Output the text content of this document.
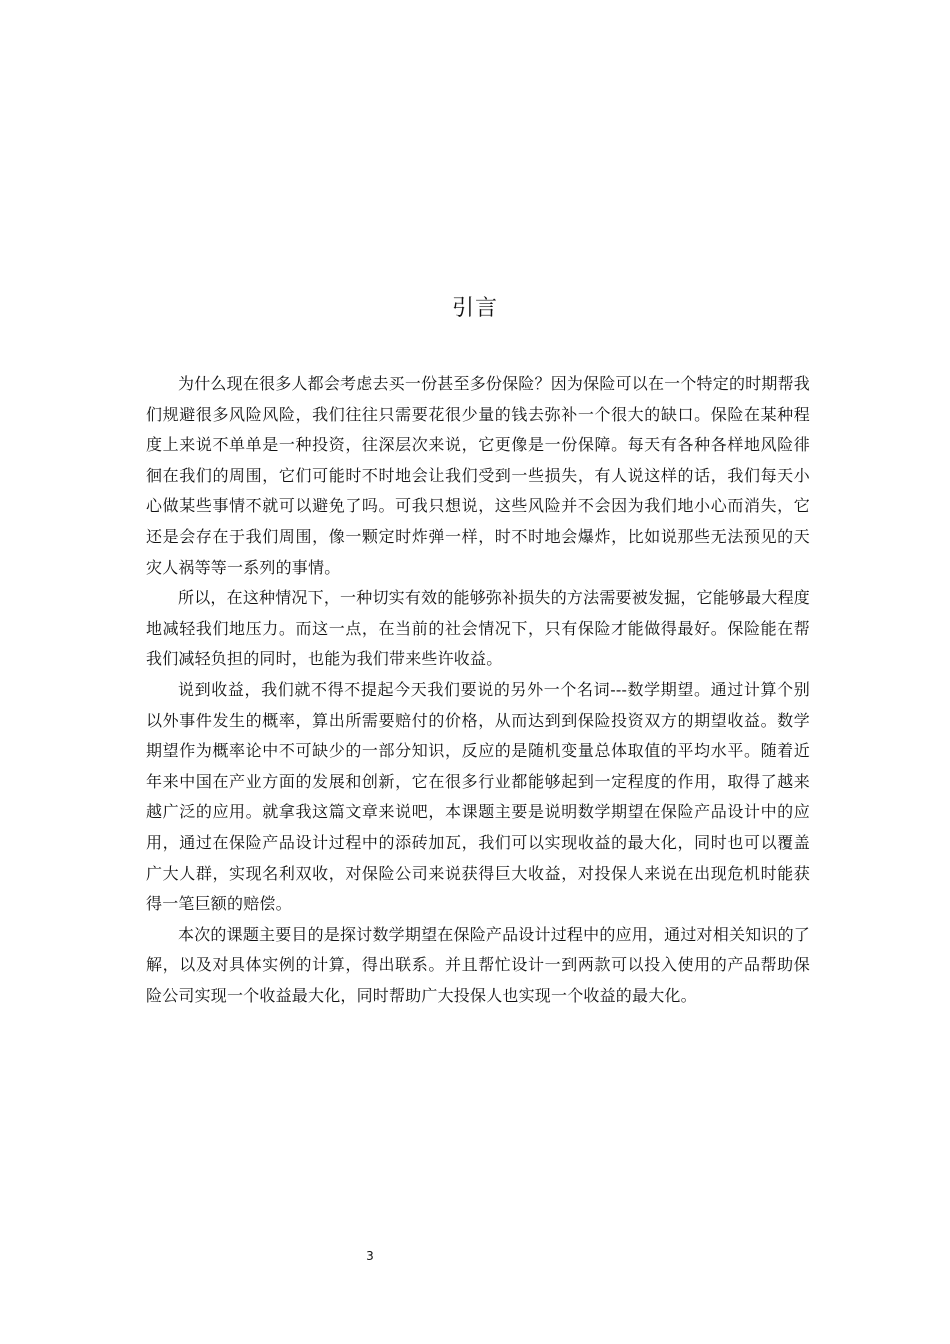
引言

为什么现在很多人都会考虑去买一份甚至多份保险？因为保险可以在一个特定的时期帮我们规避很多风险风险，我们往往只需要花很少量的钱去弥补一个很大的缺口。保险在某种程度上来说不单单是一种投资，往深层次来说，它更像是一份保障。每天有各种各样地风险徘徊在我们的周围，它们可能时不时地会让我们受到一些损失，有人说这样的话，我们每天小心做某些事情不就可以避免了吗。可我只想说，这些风险并不会因为我们地小心而消失，它还是会存在于我们周围，像一颗定时炸弹一样，时不时地会爆炸，比如说那些无法预见的天灾人祸等等一系列的事情。

所以，在这种情况下，一种切实有效的能够弥补损失的方法需要被发掘，它能够最大程度地减轻我们地压力。而这一点，在当前的社会情况下，只有保险才能做得最好。保险能在帮我们减轻负担的同时，也能为我们带来些许收益。

说到收益，我们就不得不提起今天我们要说的另外一个名词---数学期望。通过计算个别以外事件发生的概率，算出所需要赔付的价格，从而达到到保险投资双方的期望收益。数学期望作为概率论中不可缺少的一部分知识，反应的是随机变量总体取值的平均水平。随着近年来中国在产业方面的发展和创新，它在很多行业都能够起到一定程度的作用，取得了越来越广泛的应用。就拿我这篇文章来说吧，本课题主要是说明数学期望在保险产品设计中的应用，通过在保险产品设计过程中的添砖加瓦，我们可以实现收益的最大化，同时也可以覆盖广大人群，实现名利双收，对保险公司来说获得巨大收益，对投保人来说在出现危机时能获得一笔巨额的赔偿。

本次的课题主要目的是探讨数学期望在保险产品设计过程中的应用，通过对相关知识的了解，以及对具体实例的计算，得出联系。并且帮忙设计一到两款可以投入使用的产品帮助保险公司实现一个收益最大化，同时帮助广大投保人也实现一个收益的最大化。

3
